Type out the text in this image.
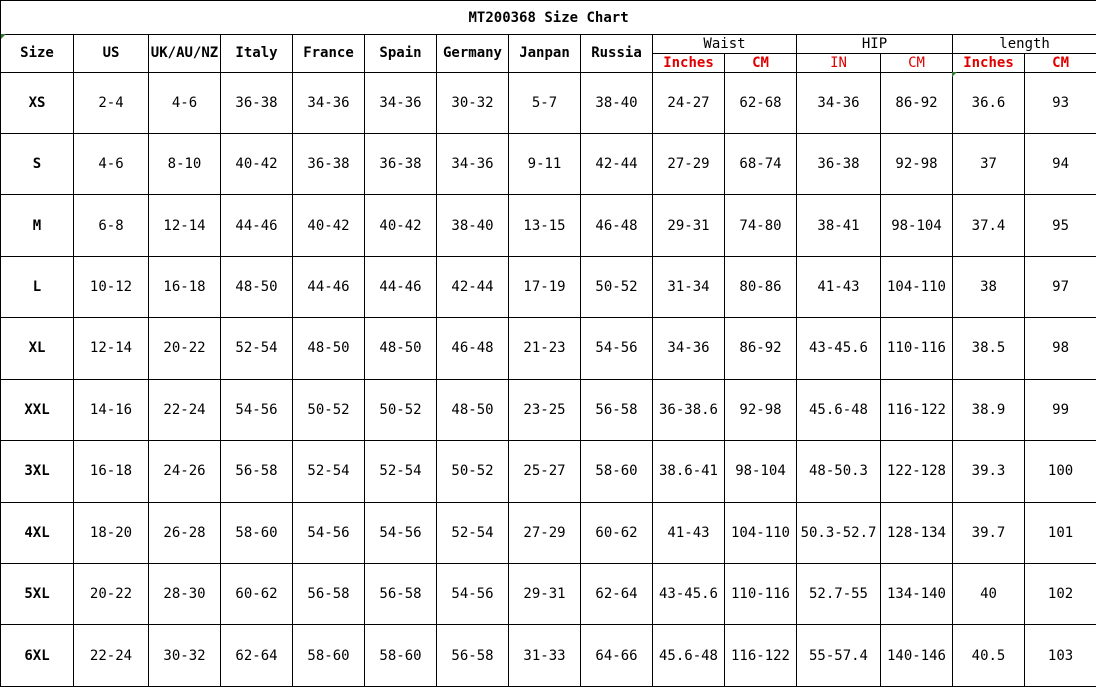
MT200368 Size Chart														
Size	US	UK/AU/NZ	Italy	France	Spain	Germany	Janpan	Russia	Waist		HIP		length	
									Inches	CM	IN	CM	Inches	CM
XS	2-4	4-6	36-38	34-36	34-36	30-32	5-7	38-40	24-27	62-68	34-36	86-92	36.6	93
S	4-6	8-10	40-42	36-38	36-38	34-36	9-11	42-44	27-29	68-74	36-38	92-98	37	94
M	6-8	12-14	44-46	40-42	40-42	38-40	13-15	46-48	29-31	74-80	38-41	98-104	37.4	95
L	10-12	16-18	48-50	44-46	44-46	42-44	17-19	50-52	31-34	80-86	41-43	104-110	38	97
XL	12-14	20-22	52-54	48-50	48-50	46-48	21-23	54-56	34-36	86-92	43-45.6	110-116	38.5	98
XXL	14-16	22-24	54-56	50-52	50-52	48-50	23-25	56-58	36-38.6	92-98	45.6-48	116-122	38.9	99
3XL	16-18	24-26	56-58	52-54	52-54	50-52	25-27	58-60	38.6-41	98-104	48-50.3	122-128	39.3	100
4XL	18-20	26-28	58-60	54-56	54-56	52-54	27-29	60-62	41-43	104-110	50.3-52.7	128-134	39.7	101
5XL	20-22	28-30	60-62	56-58	56-58	54-56	29-31	62-64	43-45.6	110-116	52.7-55	134-140	40	102
6XL	22-24	30-32	62-64	58-60	58-60	56-58	31-33	64-66	45.6-48	116-122	55-57.4	140-146	40.5	103
